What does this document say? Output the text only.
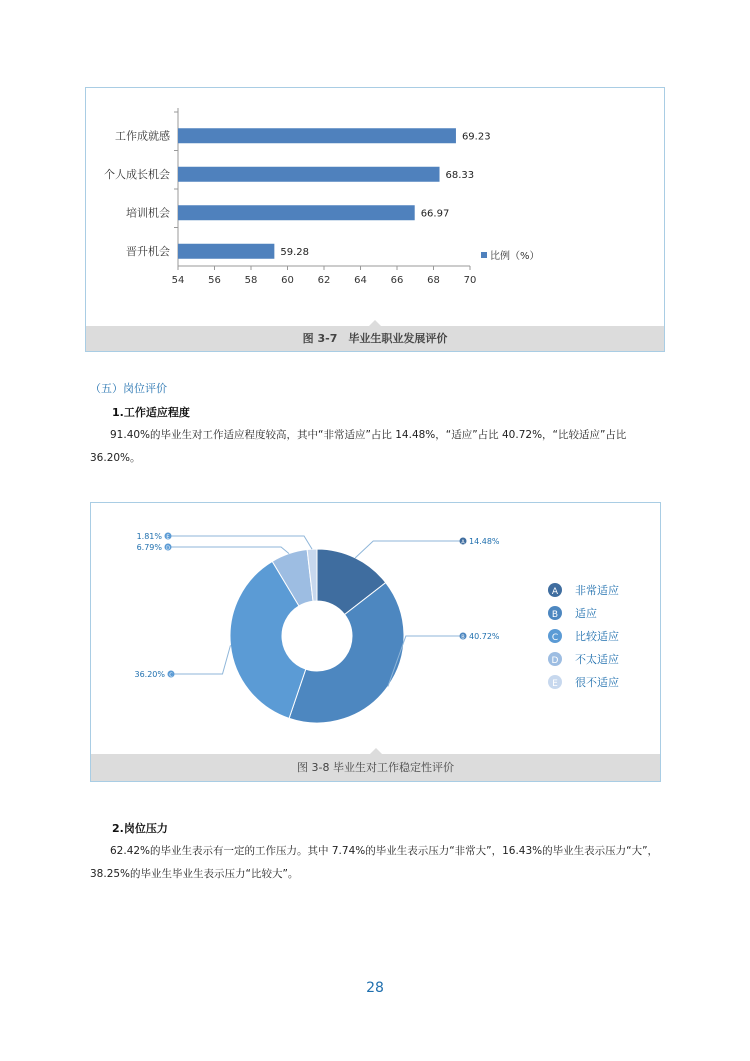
54 56 58 60 62 64 66 68 70
工作成就感
个人成长机会
培训机会
晋升机会
69.23
68.33
66.97
59.28	比例（%）
图 3-7　毕业生职业发展评价
（五）岗位评价
1.工作适应程度
91.40%的毕业生对工作适应程度较高，其中“非常适应”占比 14.48%，“适应”占比 40.72%，“比较适应”占比 36.20%。
A 14.48%
B 40.72%
C
36.20%
D
6.79%
E
1.81%
A 非常适应
B 适应
C 比较适应
D 不太适应
E 很不适应
图 3-8 毕业生对工作稳定性评价
2.岗位压力
62.42%的毕业生表示有一定的工作压力。其中 7.74%的毕业生表示压力“非常大”，16.43%的毕业生表示压力“大”，38.25%的毕业生毕业生表示压力“比较大”。
28
